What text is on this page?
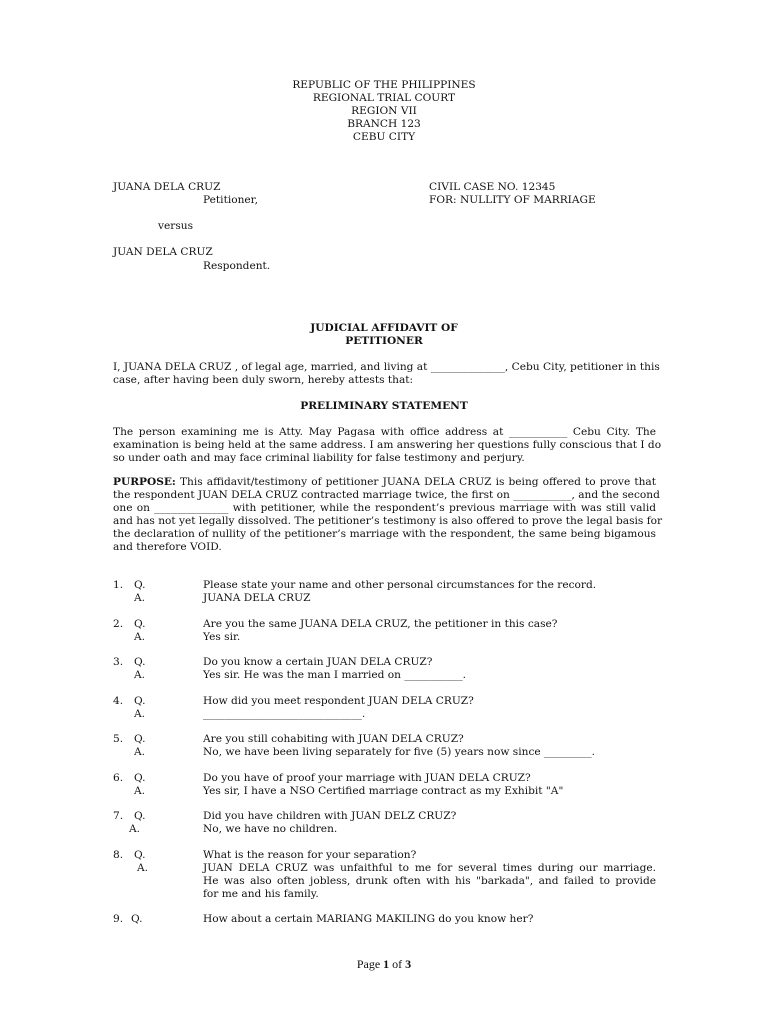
REPUBLIC OF THE PHILIPPINES
REGIONAL TRIAL COURT
REGION VII
BRANCH 123
CEBU CITY
JUANA DELA CRUZ
Petitioner,
CIVIL CASE NO. 12345
FOR: NULLITY OF MARRIAGE
versus
JUAN DELA CRUZ
Respondent.
JUDICIAL AFFIDAVIT OF
PETITIONER
I, JUANA DELA CRUZ , of legal age, married, and living at ______________, Cebu City, petitioner in this
case, after having been duly sworn, hereby attests that:
PRELIMINARY STATEMENT
The person examining me is Atty. May Pagasa with office address at ___________ Cebu City. The
examination is being held at the same address. I am answering her questions fully conscious that I do
so under oath and may face criminal liability for false testimony and perjury.
PURPOSE: This affidavit/testimony of petitioner JUANA DELA CRUZ is being offered to prove that
the respondent JUAN DELA CRUZ contracted marriage twice, the first on ___________, and the second
one on ______________ with petitioner, while the respondent’s previous marriage with was still valid
and has not yet legally dissolved. The petitioner’s testimony is also offered to prove the legal basis for
the declaration of nullity of the petitioner’s marriage with the respondent, the same being bigamous
and therefore VOID.
1. Q.	Please state your name and other personal circumstances for the record.
A.	JUANA DELA CRUZ
2. Q.	Are you the same JUANA DELA CRUZ, the petitioner in this case?
A.	Yes sir.
3. Q.	Do you know a certain JUAN DELA CRUZ?
A.	Yes sir. He was the man I married on ___________.
4. Q.	How did you meet respondent JUAN DELA CRUZ?
A.	______________________________.
5. Q.	Are you still cohabiting with JUAN DELA CRUZ?
A.	No, we have been living separately for five (5) years now since _________.
6. Q.	Do you have of proof your marriage with JUAN DELA CRUZ?
A.	Yes sir, I have a NSO Certified marriage contract as my Exhibit "A"
7. Q.	Did you have children with JUAN DELZ CRUZ?
A.	No, we have no children.
8. Q.	What is the reason for your separation?
A.	JUAN DELA CRUZ was unfaithful to me for several times during our marriage.
He was also often jobless, drunk often with his "barkada", and failed to provide
for me and his family.
9. Q.	How about a certain MARIANG MAKILING do you know her?
Page 1 of 3
